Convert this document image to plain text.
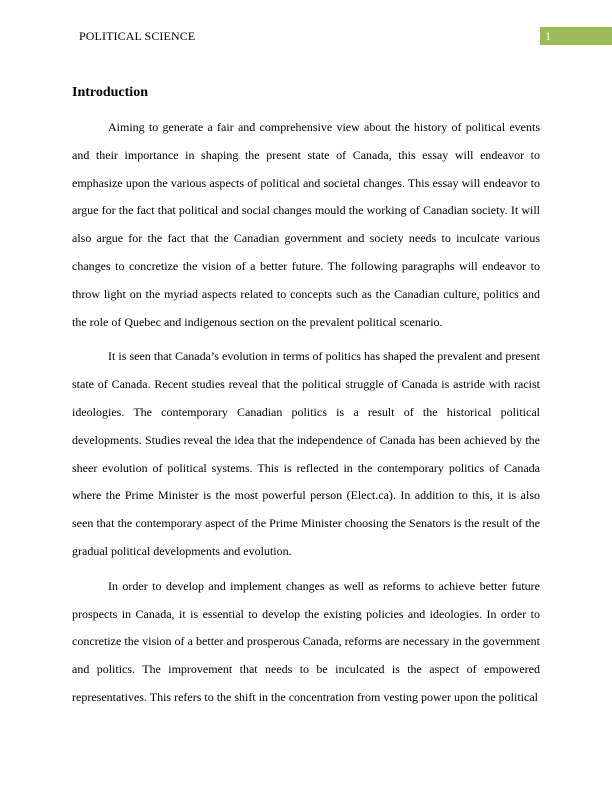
POLITICAL SCIENCE	1
Introduction

Aiming to generate a fair and comprehensive view about the history of political events and their importance in shaping the present state of Canada, this essay will endeavor to emphasize upon the various aspects of political and societal changes. This essay will endeavor to argue for the fact that political and social changes mould the working of Canadian society. It will also argue for the fact that the Canadian government and society needs to inculcate various changes to concretize the vision of a better future. The following paragraphs will endeavor to throw light on the myriad aspects related to concepts such as the Canadian culture, politics and the role of Quebec and indigenous section on the prevalent political scenario.

It is seen that Canada’s evolution in terms of politics has shaped the prevalent and present state of Canada. Recent studies reveal that the political struggle of Canada is astride with racist ideologies. The contemporary Canadian politics is a result of the historical political developments. Studies reveal the idea that the independence of Canada has been achieved by the sheer evolution of political systems. This is reflected in the contemporary politics of Canada where the Prime Minister is the most powerful person (Elect.ca). In addition to this, it is also seen that the contemporary aspect of the Prime Minister choosing the Senators is the result of the gradual political developments and evolution.

In order to develop and implement changes as well as reforms to achieve better future prospects in Canada, it is essential to develop the existing policies and ideologies. In order to concretize the vision of a better and prosperous Canada, reforms are necessary in the government and politics. The improvement that needs to be inculcated is the aspect of empowered representatives. This refers to the shift in the concentration from vesting power upon the political
